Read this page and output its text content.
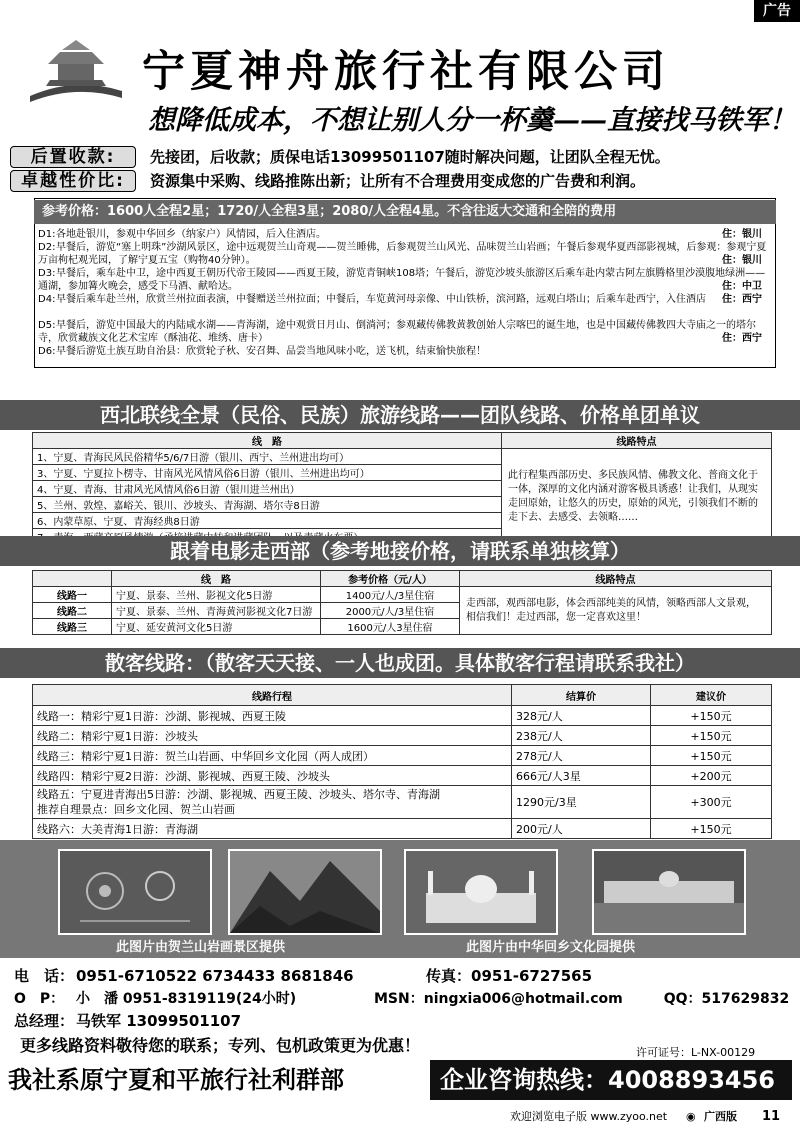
广告
NTG
宁夏神舟旅行社有限公司
想降低成本，不想让别人分一杯羹——直接找马铁军！
后置收款:	先接团，后收款；质保电话13099501107随时解决问题，让团队全程无忧。
卓越性价比:	资源集中采购、线路推陈出新；让所有不合理费用变成您的广告费和利润。
参考价格：1600人全程2星；1720/人全程3星；2080/人全程4星。不含往返大交通和全陪的费用
D1:各地赴银川，参观中华回乡（纳家户）风情园，后入住酒店。	住：银川
D2:早餐后，游览“塞上明珠”沙湖风景区，途中远观贺兰山奇观——贺兰睡佛，后参观贺兰山风光、品味贺兰山岩画；午餐后参观华夏西部影视城，后参观：参观宁夏万亩枸杞观光园，了解宁夏五宝（购物40分钟）。	住：银川
D3:早餐后，乘车赴中卫，途中西夏王朝历代帝王陵园——西夏王陵，游览青铜峡108塔；午餐后，游览沙坡头旅游区后乘车赴内蒙古阿左旗腾格里沙漠腹地绿洲——通湖，参加篝火晚会，感受下马酒、献哈达。	住：中卫
D4:早餐后乘车赴兰州，欣赏兰州拉面表演，中餐赠送兰州拉面；中餐后，车览黄河母亲像、中山铁桥，滨河路，远观白塔山；后乘车赴西宁，入住酒店 住：西宁
D5:早餐后，游览中国最大的内陆咸水湖——青海湖，途中观赏日月山、倒淌河；参观藏传佛教黄教创始人宗喀巴的诞生地，也是中国藏传佛教四大寺庙之一的塔尔寺，欣赏藏族文化艺术宝库（酥油花、堆绣、唐卡）	住：西宁
D6:早餐后游览土族互助自治县：欣赏轮子秋、安召舞、品尝当地风味小吃，送飞机，结束愉快旅程！
西北联线全景（民俗、民族）旅游线路——团队线路、价格单团单议
线　路	线路特点
1、宁夏、青海民风民俗精华5/6/7日游（银川、西宁、兰州进出均可）	此行程集西部历史、多民族风情、佛教文化、普商文化于一体，深厚的文化内涵对游客极具诱惑！让我们，从现实走回原始，让悠久的历史，原始的风光，引领我们不断的走下去、去感受、去领略……
3、宁夏、宁夏拉卜楞寺、甘南风光风情风俗6日游（银川、兰州进出均可）	
4、宁夏、青海、甘肃风光风情风俗6日游（银川进兰州出）	
5、兰州、敦煌、嘉峪关、银川、沙坡头、青海湖、塔尔寺8日游	
6、内蒙草原、宁夏、青海经典8日游	

跟着电影走西部（参考地接价格，请联系单独核算）
	线　路	参考价格（元/人）	线路特点
线路一	宁夏、景泰、兰州、影视文化5日游	1400元/人/3星住宿	走西部，观西部电影，体会西部纯美的风情，领略西部人文景观，相信我们！走过西部，您一定喜欢这里！
线路二	宁夏、景泰、兰州、青海黄河影视文化7日游	2000元/人/3星住宿	
线路三	宁夏、延安黄河文化5日游	1600元/人3星住宿	
散客线路：（散客天天接、一人也成团。具体散客行程请联系我社）
线路行程	结算价	建议价
线路一：精彩宁夏1日游：沙湖、影视城、西夏王陵	328元/人	+150元
线路二：精彩宁夏1日游：沙坡头	238元/人	+150元
线路三：精彩宁夏1日游：贺兰山岩画、中华回乡文化园（两人成团）	278元/人	+150元
线路四：精彩宁夏2日游：沙湖、影视城、西夏王陵、沙坡头	666元/人3星	+200元

线路五：宁夏进青海出5日游：沙湖、影视城、西夏王陵、沙坡头、塔尔寺、青海湖
推荐自理景点：回乡文化园、贺兰山岩画	1290元/3星	+300元
线路六：大美青海1日游：青海湖	200元/人	+150元
此图片由贺兰山岩画景区提供	此图片由中华回乡文化园提供
电　话： 0951-6710522 6734433 8681846	传真：0951-6727565
O　P： 小　潘 0951-8319119(24小时)	MSN：ningxia006@hotmail.com	QQ：517629832
总经理： 马铁军 13099501107
更多线路资料敬待您的联系；专列、包机政策更为优惠！	许可证号：L-NX-00129
我社系原宁夏和平旅行社利群部	企业咨询热线：4008893456
欢迎浏览电子版 www.zyoo.net ◉ 广西版 11
